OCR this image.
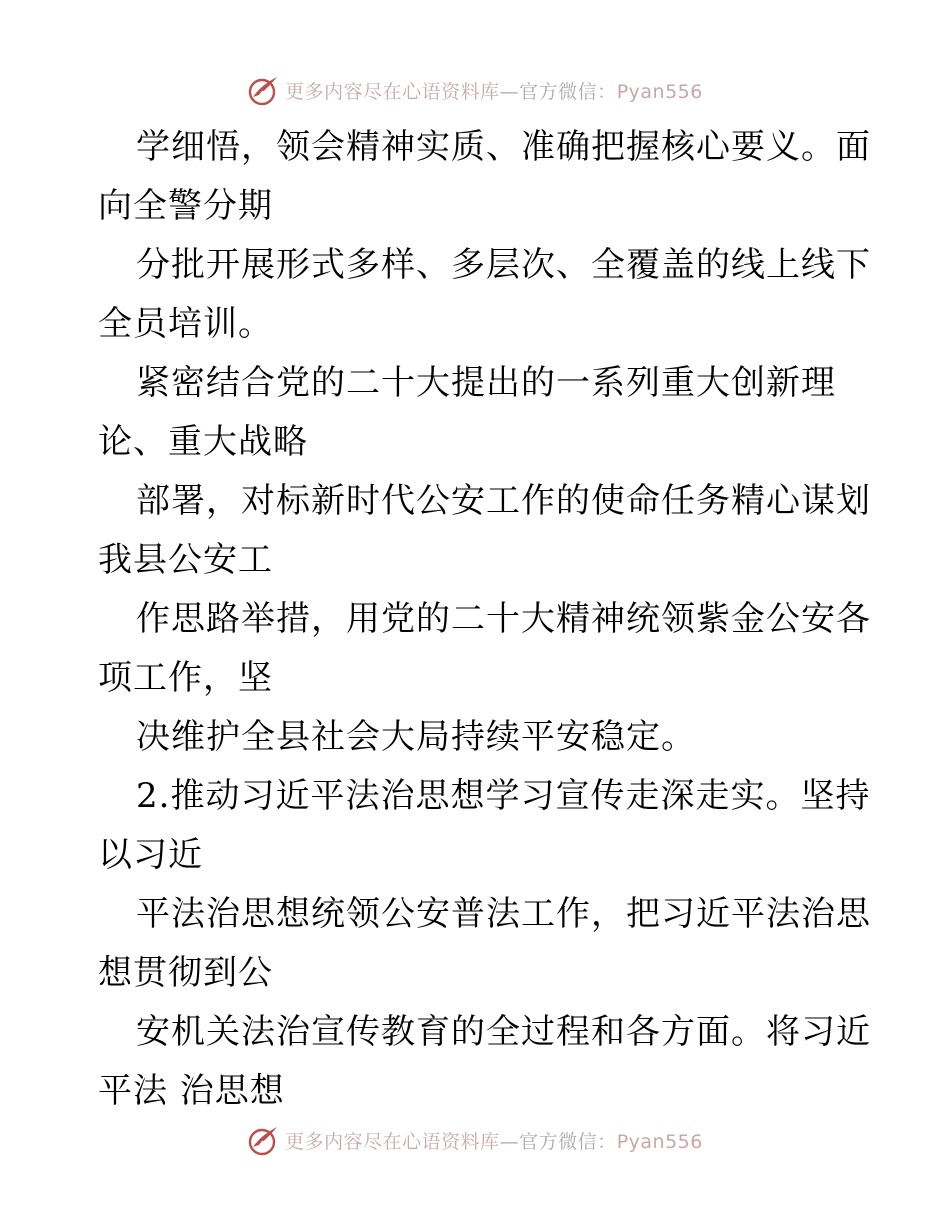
更多内容尽在心语资料库—官方微信：Pyan556
学细悟，领会精神实质、准确把握核心要义。面
向全警分期
分批开展形式多样、多层次、全覆盖的线上线下
全员培训。
紧密结合党的二十大提出的一系列重大创新理
论、重大战略
部署，对标新时代公安工作的使命任务精心谋划
我县公安工
作思路举措，用党的二十大精神统领紫金公安各
项工作，坚
决维护全县社会大局持续平安稳定。
2.推动习近平法治思想学习宣传走深走实。坚持
以习近
平法治思想统领公安普法工作，把习近平法治思
想贯彻到公
安机关法治宣传教育的全过程和各方面。将习近
平法 治思想
更多内容尽在心语资料库—官方微信：Pyan556
